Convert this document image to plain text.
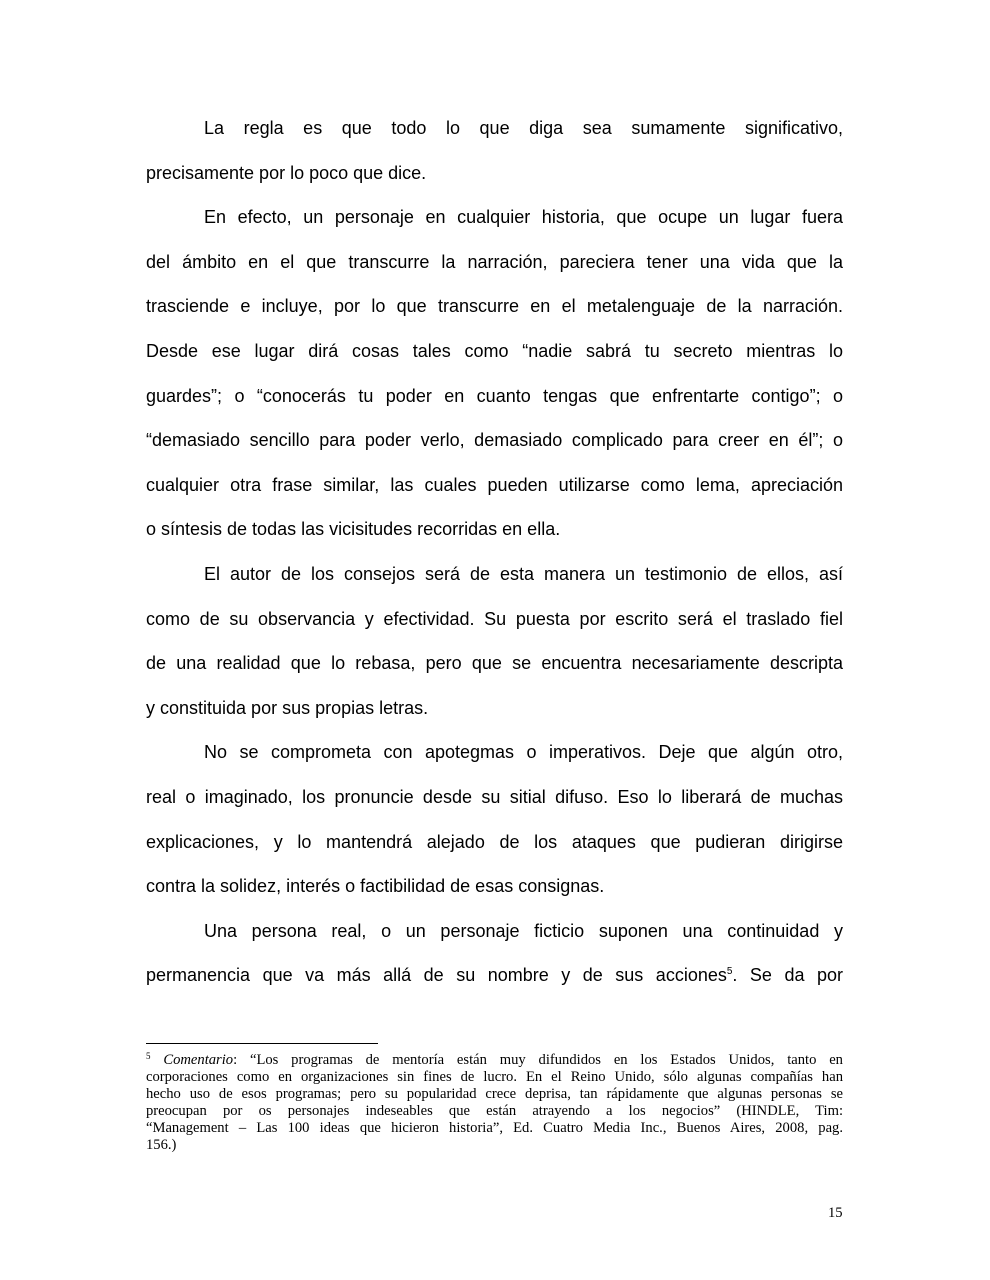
La regla es que todo lo que diga sea sumamente significativo,
precisamente por lo poco que dice.
En efecto, un personaje en cualquier historia, que ocupe un lugar fuera
del ámbito en el que transcurre la narración, pareciera tener una vida que la
trasciende e incluye, por lo que transcurre en el metalenguaje de la narración.
Desde ese lugar dirá cosas tales como “nadie sabrá tu secreto mientras lo
guardes”; o “conocerás tu poder en cuanto tengas que enfrentarte contigo”; o
“demasiado sencillo para poder verlo, demasiado complicado para creer en él”; o
cualquier otra frase similar, las cuales pueden utilizarse como lema, apreciación
o síntesis de todas las vicisitudes recorridas en ella.
El autor de los consejos será de esta manera un testimonio de ellos, así
como de su observancia y efectividad. Su puesta por escrito será el traslado fiel
de una realidad que lo rebasa, pero que se encuentra necesariamente descripta
y constituida por sus propias letras.
No se comprometa con apotegmas o imperativos. Deje que algún otro,
real o imaginado, los pronuncie desde su sitial difuso. Eso lo liberará de muchas
explicaciones, y lo mantendrá alejado de los ataques que pudieran dirigirse
contra la solidez, interés o factibilidad de esas consignas.
Una persona real, o un personaje ficticio suponen una continuidad y
permanencia que va más allá de su nombre y de sus acciones$^5$. Se da por
$^5$ Comentario: “Los programas de mentoría están muy difundidos en los Estados Unidos, tanto en
corporaciones como en organizaciones sin fines de lucro. En el Reino Unido, sólo algunas compañías han
hecho uso de esos programas; pero su popularidad crece deprisa, tan rápidamente que algunas personas se
preocupan por os personajes indeseables que están atrayendo a los negocios” (HINDLE, Tim:
“Management – Las 100 ideas que hicieron historia”, Ed. Cuatro Media Inc., Buenos Aires, 2008, pag.
156.)
15
